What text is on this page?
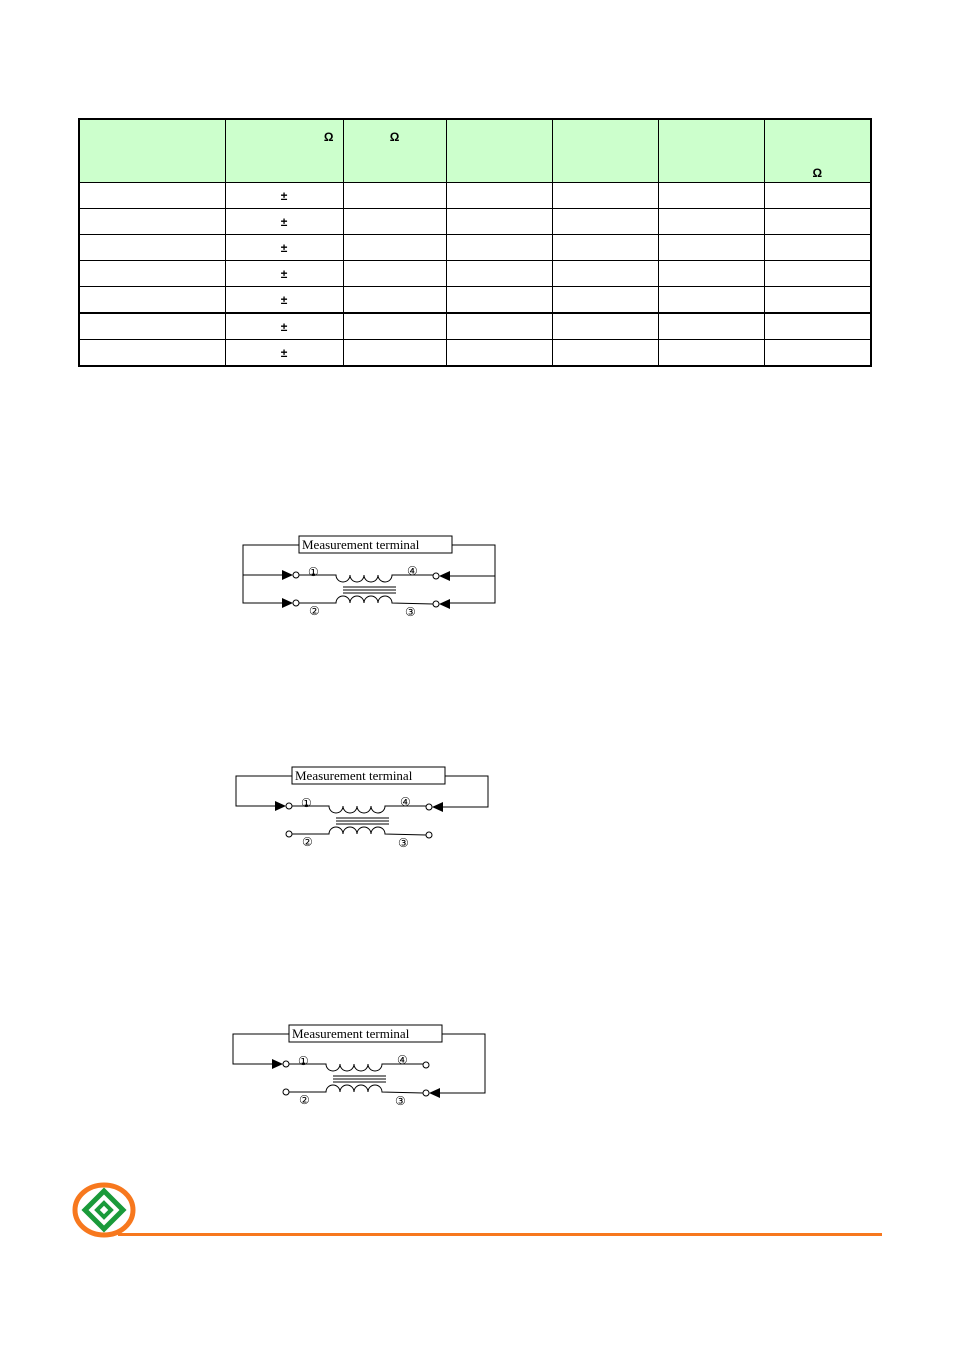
	Ω	Ω				Ω
	±					
	±					
	±					
	±					
	±					
	±					
	±					
Measurement terminal
①	④
②	③
Measurement terminal
①	④
②	③
Measurement terminal
①	④
②	③
